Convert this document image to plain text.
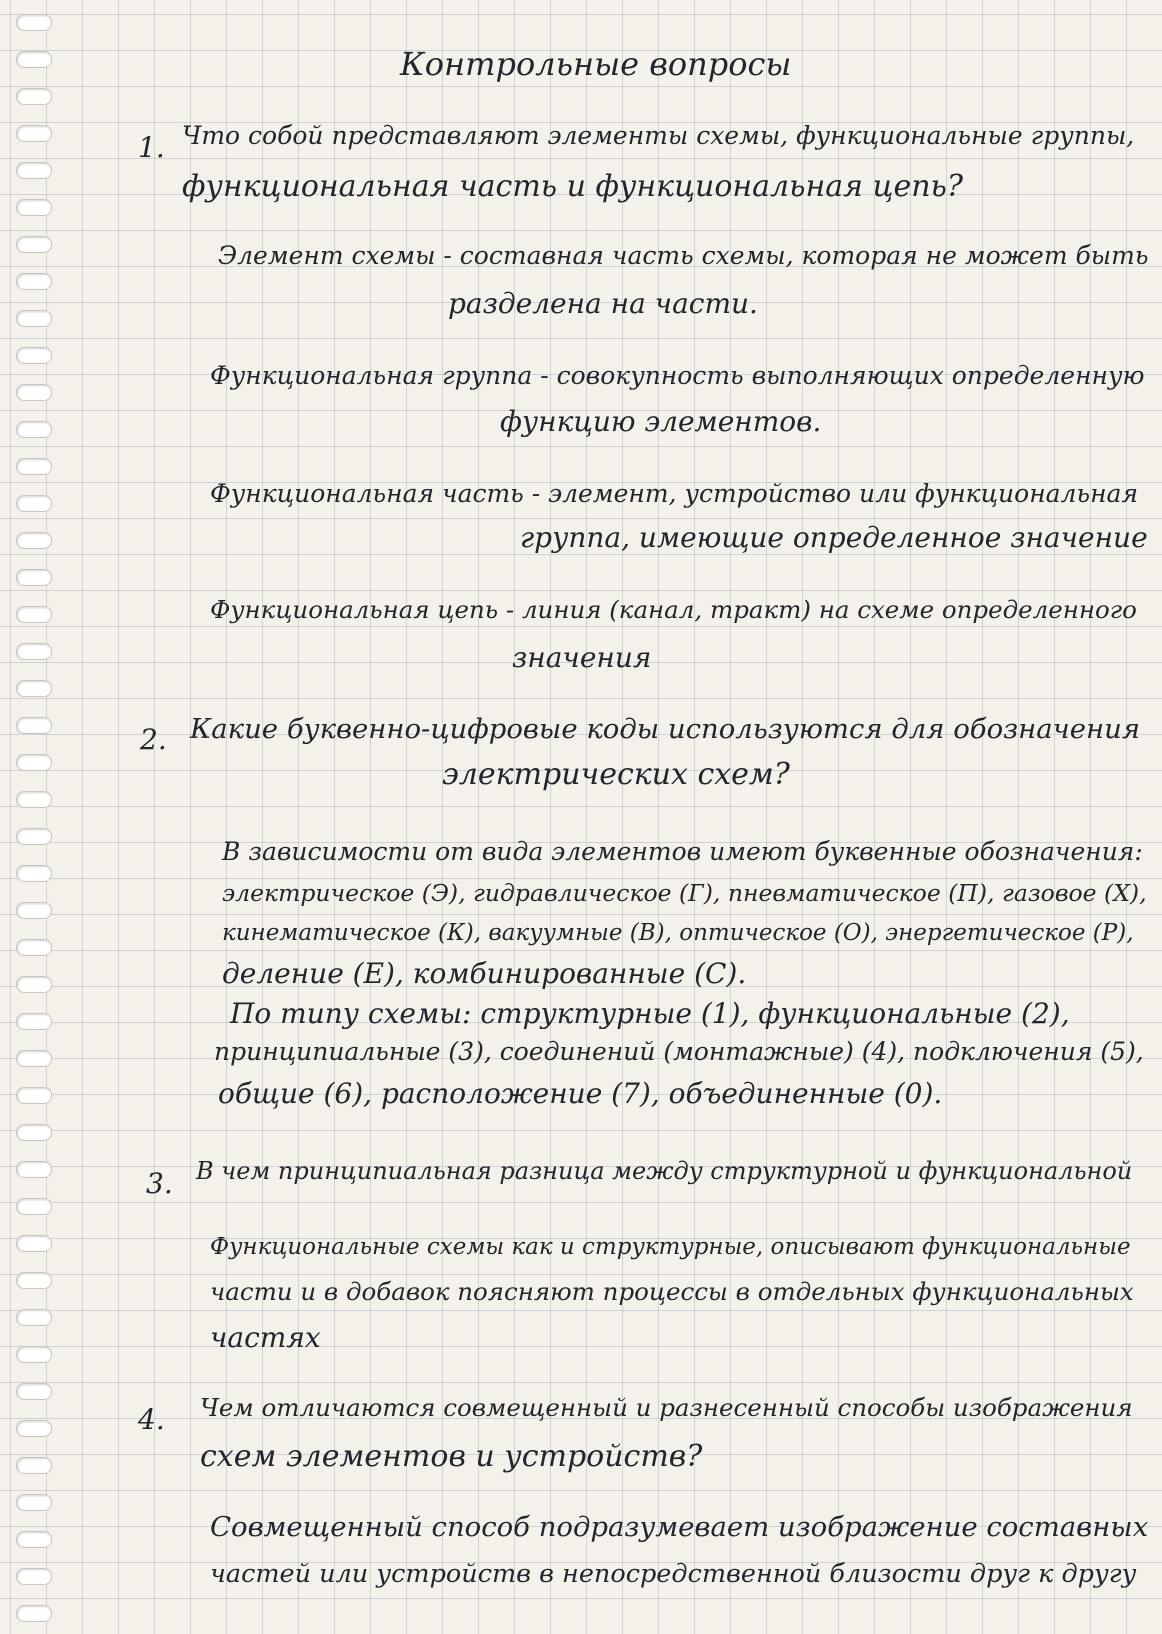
Контрольные вопросы
1. Что собой представляют элементы схемы, функциональные группы,
функциональная часть и функциональная цепь?
Элемент схемы - составная часть схемы, которая не может быть
разделена на части.
Функциональная группа - совокупность выполняющих определенную
функцию элементов.
Функциональная часть - элемент, устройство или функциональная
группа, имеющие определенное значение
Функциональная цепь - линия (канал, тракт) на схеме определенного
значения
2. Какие буквенно-цифровые коды используются для обозначения
электрических схем?
В зависимости от вида элементов имеют буквенные обозначения:
электрическое (Э), гидравлическое (Г), пневматическое (П), газовое (Х),
кинематическое (К), вакуумные (В), оптическое (О), энергетическое (Р),
деление (Е), комбинированные (С).
По типу схемы: структурные (1), функциональные (2),
принципиальные (3), соединений (монтажные) (4), подключения (5),
общие (6), расположение (7), объединенные (0).
3. В чем принципиальная разница между структурной и функциональной
Функциональные схемы как и структурные, описывают функциональные
части и в добавок поясняют процессы в отдельных функциональных
частях
4. Чем отличаются совмещенный и разнесенный способы изображения
схем элементов и устройств?
Совмещенный способ подразумевает изображение составных
частей или устройств в непосредственной близости друг к другу
